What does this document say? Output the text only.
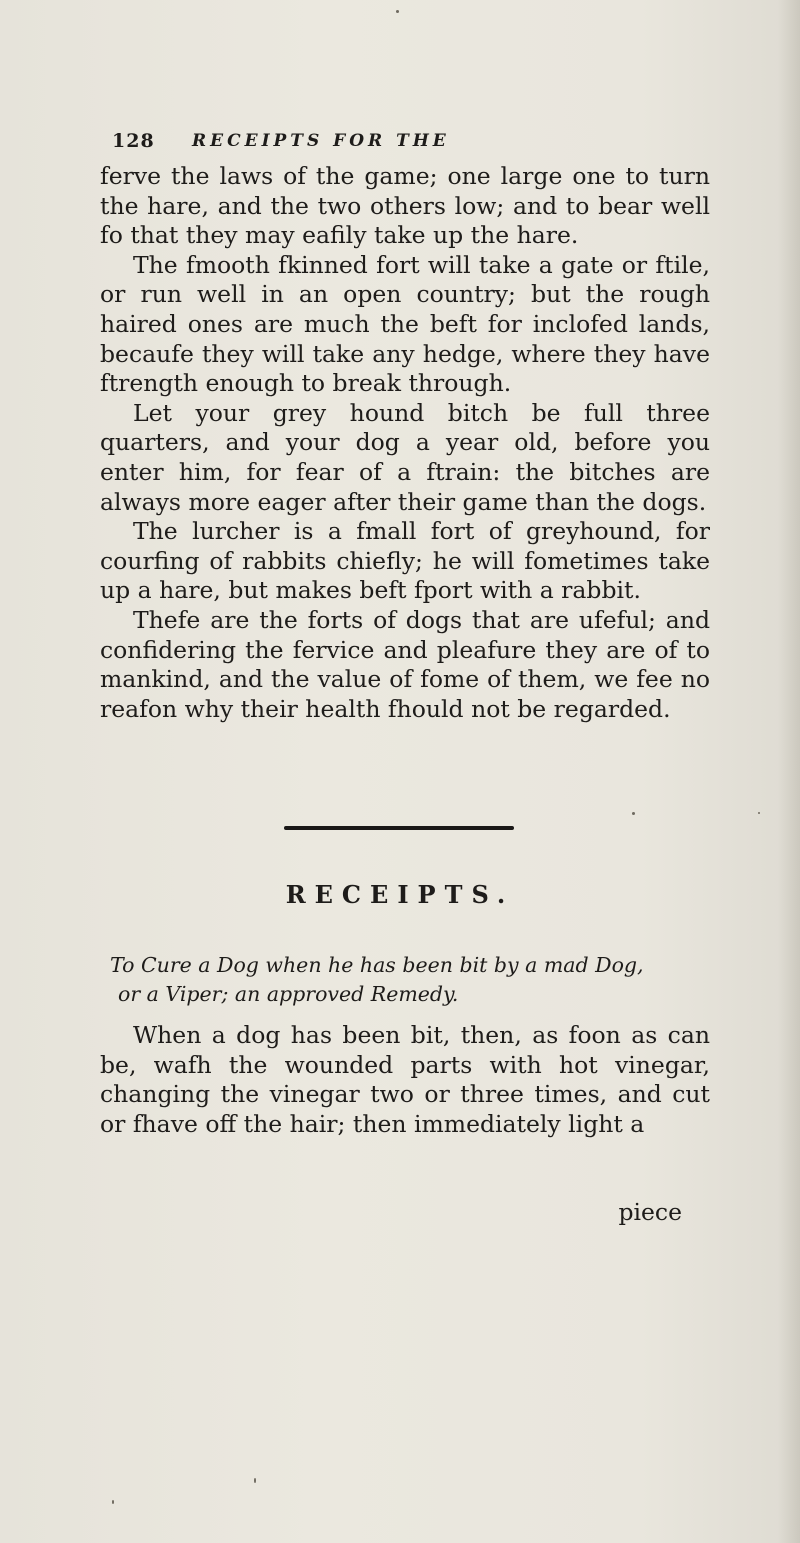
128 RECEIPTS FOR THE

ferve the laws of the game; one large one to turn the hare, and the two others low; and to bear well fo that they may eafily take up the hare.

The fmooth fkinned fort will take a gate or ftile, or run well in an open country; but the rough haired ones are much the beft for inclofed lands, becaufe they will take any hedge, where they have ftrength enough to break through.

Let your grey hound bitch be full three quarters, and your dog a year old, before you enter him, for fear of a ftrain: the bitches are always more eager after their game than the dogs.

The lurcher is a fmall fort of greyhound, for courfing of rabbits chiefly; he will fometimes take up a hare, but makes beft fport with a rabbit.

Thefe are the forts of dogs that are ufeful; and confidering the fervice and pleafure they are of to mankind, and the value of fome of them, we fee no reafon why their health fhould not be regarded.

RECEIPTS.
To Cure a Dog when he has been bit by a mad Dog,
or a Viper; an approved Remedy.

When a dog has been bit, then, as foon as can be, wafh the wounded parts with hot vinegar, changing the vinegar two or three times, and cut or fhave off the hair; then immediately light a

piece
